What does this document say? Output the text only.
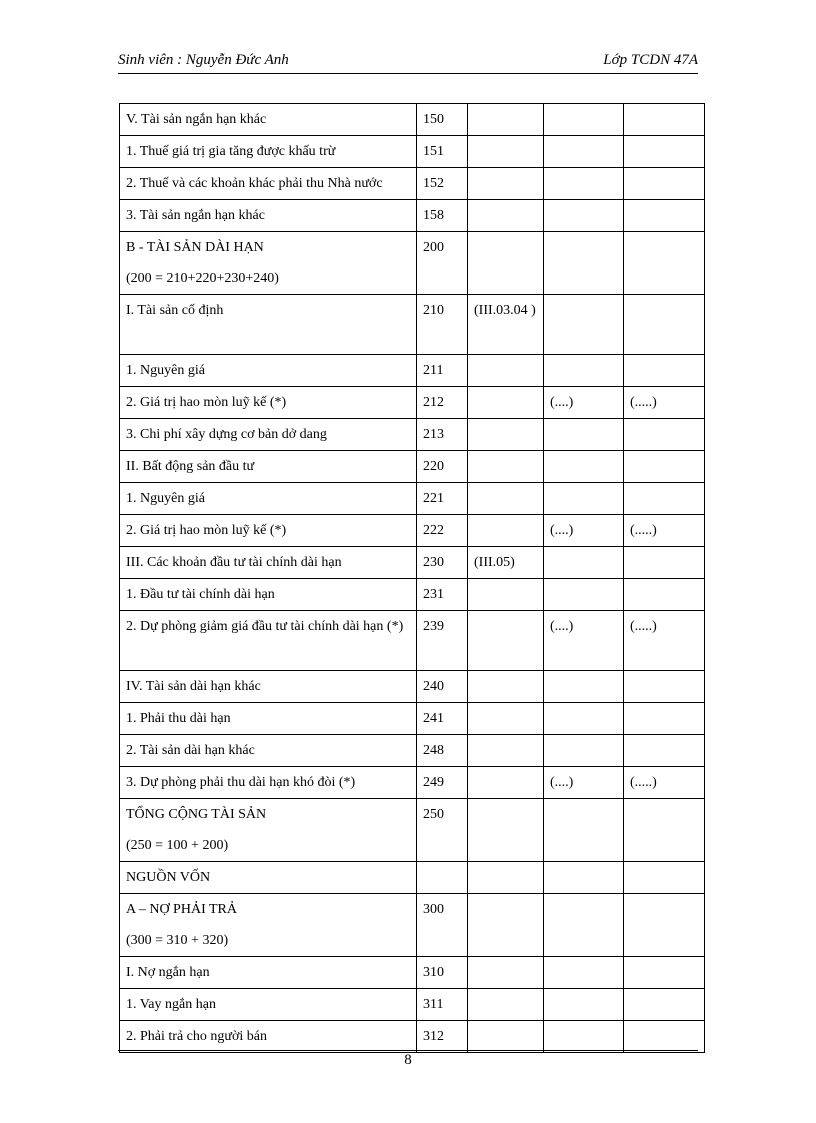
Sinh viên : Nguyễn Đức Anh	Lớp TCDN 47A
V. Tài sản ngắn hạn khác	150			
1. Thuế giá trị gia tăng được khấu trừ	151			
2. Thuế và các khoản khác phải thu Nhà nước	152			
3. Tài sản ngắn hạn khác	158			

B - TÀI SẢN DÀI HẠN
(200 = 210+220+230+240)	200			
I. Tài sản cố định	210	(III.03.04 )		
1. Nguyên giá	211			
2. Giá trị hao mòn luỹ kế (*)	212		(....)	(.....)
3. Chi phí xây dựng cơ bản dở dang	213			
II. Bất động sản đầu tư	220			
1. Nguyên giá	221			
2. Giá trị hao mòn luỹ kế (*)	222		(....)	(.....)
III. Các khoản đầu tư tài chính dài hạn	230	(III.05)		
1. Đầu tư tài chính dài hạn	231			
2. Dự phòng giảm giá đầu tư tài chính dài hạn (*)	239		(....)	(.....)
IV. Tài sản dài hạn khác	240			
1. Phải thu dài hạn	241			
2. Tài sản dài hạn khác	248			
3. Dự phòng phải thu dài hạn khó đòi (*)	249		(....)	(.....)

TỔNG CỘNG TÀI SẢN
(250 = 100 + 200)	250			
NGUỒN VỐN				

A – NỢ PHẢI TRẢ
(300 = 310 + 320)	300			
I. Nợ ngắn hạn	310			
1. Vay ngắn hạn	311			
2. Phải trả cho người bán	312			
8
